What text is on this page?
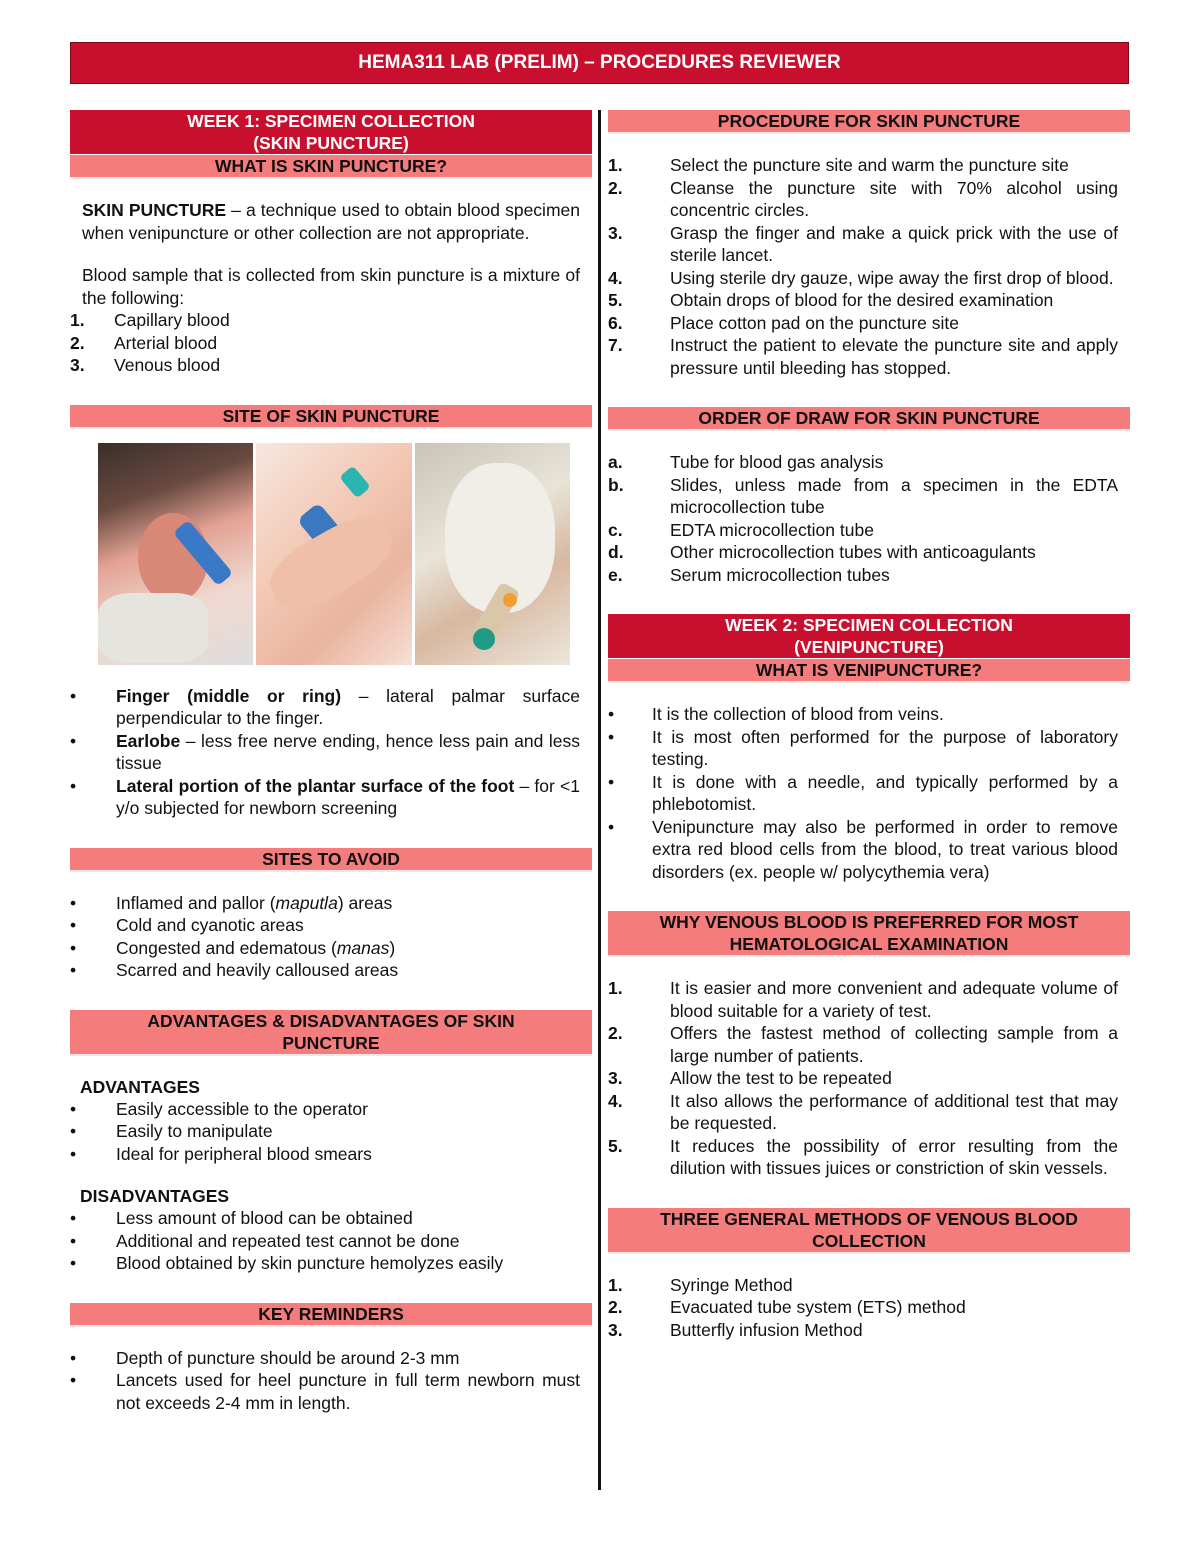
HEMA311 LAB (PRELIM) – PROCEDURES REVIEWER
WEEK 1: SPECIMEN COLLECTION
(SKIN PUNCTURE)
WHAT IS SKIN PUNCTURE?

SKIN PUNCTURE – a technique used to obtain blood specimen when venipuncture or other collection are not appropriate.

Blood sample that is collected from skin puncture is a mixture of the following:

1. Capillary blood
2. Arterial blood
3. Venous blood
SITE OF SKIN PUNCTURE
• Finger (middle or ring) – lateral palmar surface perpendicular to the finger.
• Earlobe – less free nerve ending, hence less pain and less tissue
• Lateral portion of the plantar surface of the foot – for <1 y/o subjected for newborn screening
SITES TO AVOID
• Inflamed and pallor (maputla) areas
• Cold and cyanotic areas
• Congested and edematous (manas)
• Scarred and heavily calloused areas
ADVANTAGES & DISADVANTAGES OF SKIN
PUNCTURE
ADVANTAGES
• Easily accessible to the operator
• Easily to manipulate
• Ideal for peripheral blood smears
DISADVANTAGES
• Less amount of blood can be obtained
• Additional and repeated test cannot be done
• Blood obtained by skin puncture hemolyzes easily
KEY REMINDERS
• Depth of puncture should be around 2-3 mm
• Lancets used for heel puncture in full term newborn must not exceeds 2-4 mm in length.
PROCEDURE FOR SKIN PUNCTURE
1.	Select the puncture site and warm the puncture site
2.	Cleanse the puncture site with 70% alcohol using concentric circles.
3.	Grasp the finger and make a quick prick with the use of sterile lancet.
4.	Using sterile dry gauze, wipe away the first drop of blood.
5.	Obtain drops of blood for the desired examination
6.	Place cotton pad on the puncture site
7.	Instruct the patient to elevate the puncture site and apply pressure until bleeding has stopped.
ORDER OF DRAW FOR SKIN PUNCTURE
a.	Tube for blood gas analysis
b.	Slides, unless made from a specimen in the EDTA microcollection tube
c.	EDTA microcollection tube
d.	Other microcollection tubes with anticoagulants
e.	Serum microcollection tubes
WEEK 2: SPECIMEN COLLECTION
(VENIPUNCTURE)
WHAT IS VENIPUNCTURE?
• It is the collection of blood from veins.
• It is most often performed for the purpose of laboratory testing.
• It is done with a needle, and typically performed by a phlebotomist.
• Venipuncture may also be performed in order to remove extra red blood cells from the blood, to treat various blood disorders (ex. people w/ polycythemia vera)
WHY VENOUS BLOOD IS PREFERRED FOR MOST
HEMATOLOGICAL EXAMINATION
1.	It is easier and more convenient and adequate volume of blood suitable for a variety of test.
2.	Offers the fastest method of collecting sample from a large number of patients.
3.	Allow the test to be repeated
4.	It also allows the performance of additional test that may be requested.
5.	It reduces the possibility of error resulting from the dilution with tissues juices or constriction of skin vessels.
THREE GENERAL METHODS OF VENOUS BLOOD
COLLECTION
1.	Syringe Method
2.	Evacuated tube system (ETS) method
3.	Butterfly infusion Method
